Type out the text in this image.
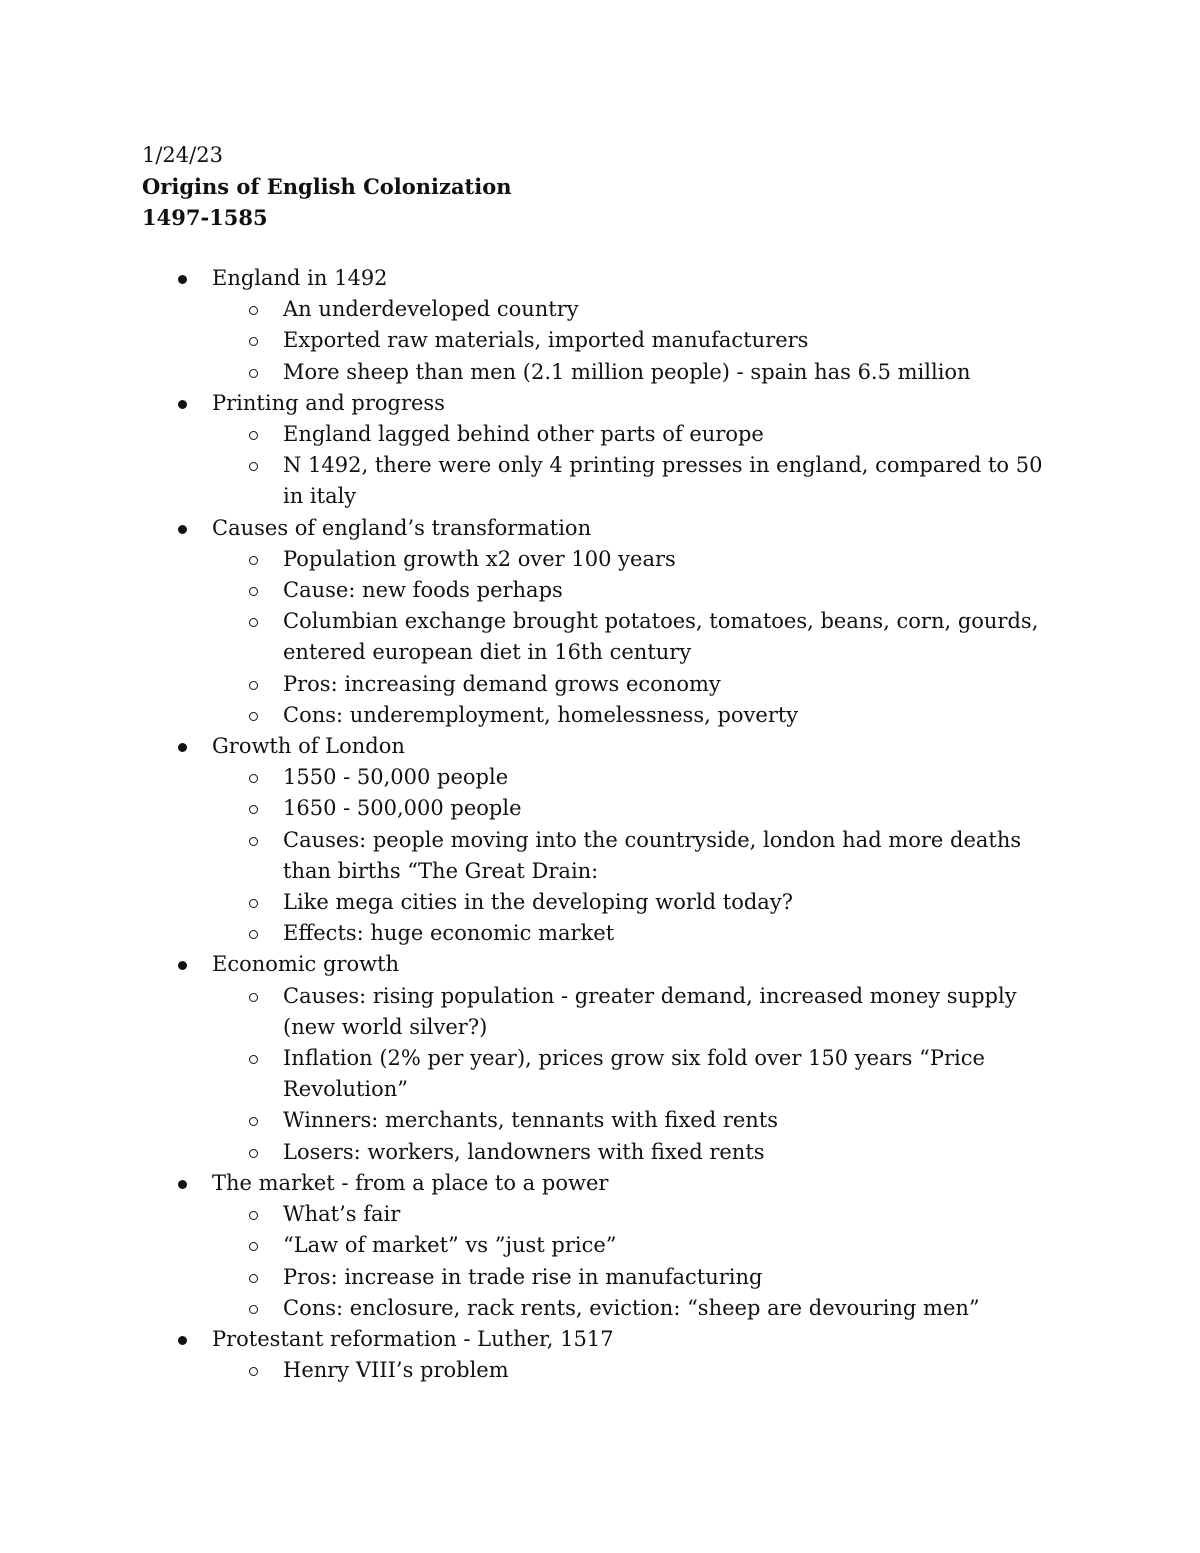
1/24/23
Origins of English Colonization
1497-1585
England in 1492
An underdeveloped country
Exported raw materials, imported manufacturers
More sheep than men (2.1 million people) - spain has 6.5 million
Printing and progress
England lagged behind other parts of europe
N 1492, there were only 4 printing presses in england, compared to 50 in italy
Causes of england’s transformation
Population growth x2 over 100 years
Cause: new foods perhaps
Columbian exchange brought potatoes, tomatoes, beans, corn, gourds, entered european diet in 16th century
Pros: increasing demand grows economy
Cons: underemployment, homelessness, poverty
Growth of London
1550 - 50,000 people
1650 - 500,000 people
Causes: people moving into the countryside, london had more deaths than births “The Great Drain:
Like mega cities in the developing world today?
Effects: huge economic market
Economic growth
Causes: rising population - greater demand, increased money supply (new world silver?)
Inflation (2% per year), prices grow six fold over 150 years “Price Revolution”
Winners: merchants, tennants with fixed rents
Losers: workers, landowners with fixed rents
The market - from a place to a power
What’s fair
“Law of market” vs ”just price”
Pros: increase in trade rise in manufacturing
Cons: enclosure, rack rents, eviction: “sheep are devouring men”
Protestant reformation - Luther, 1517
Henry VIII’s problem
